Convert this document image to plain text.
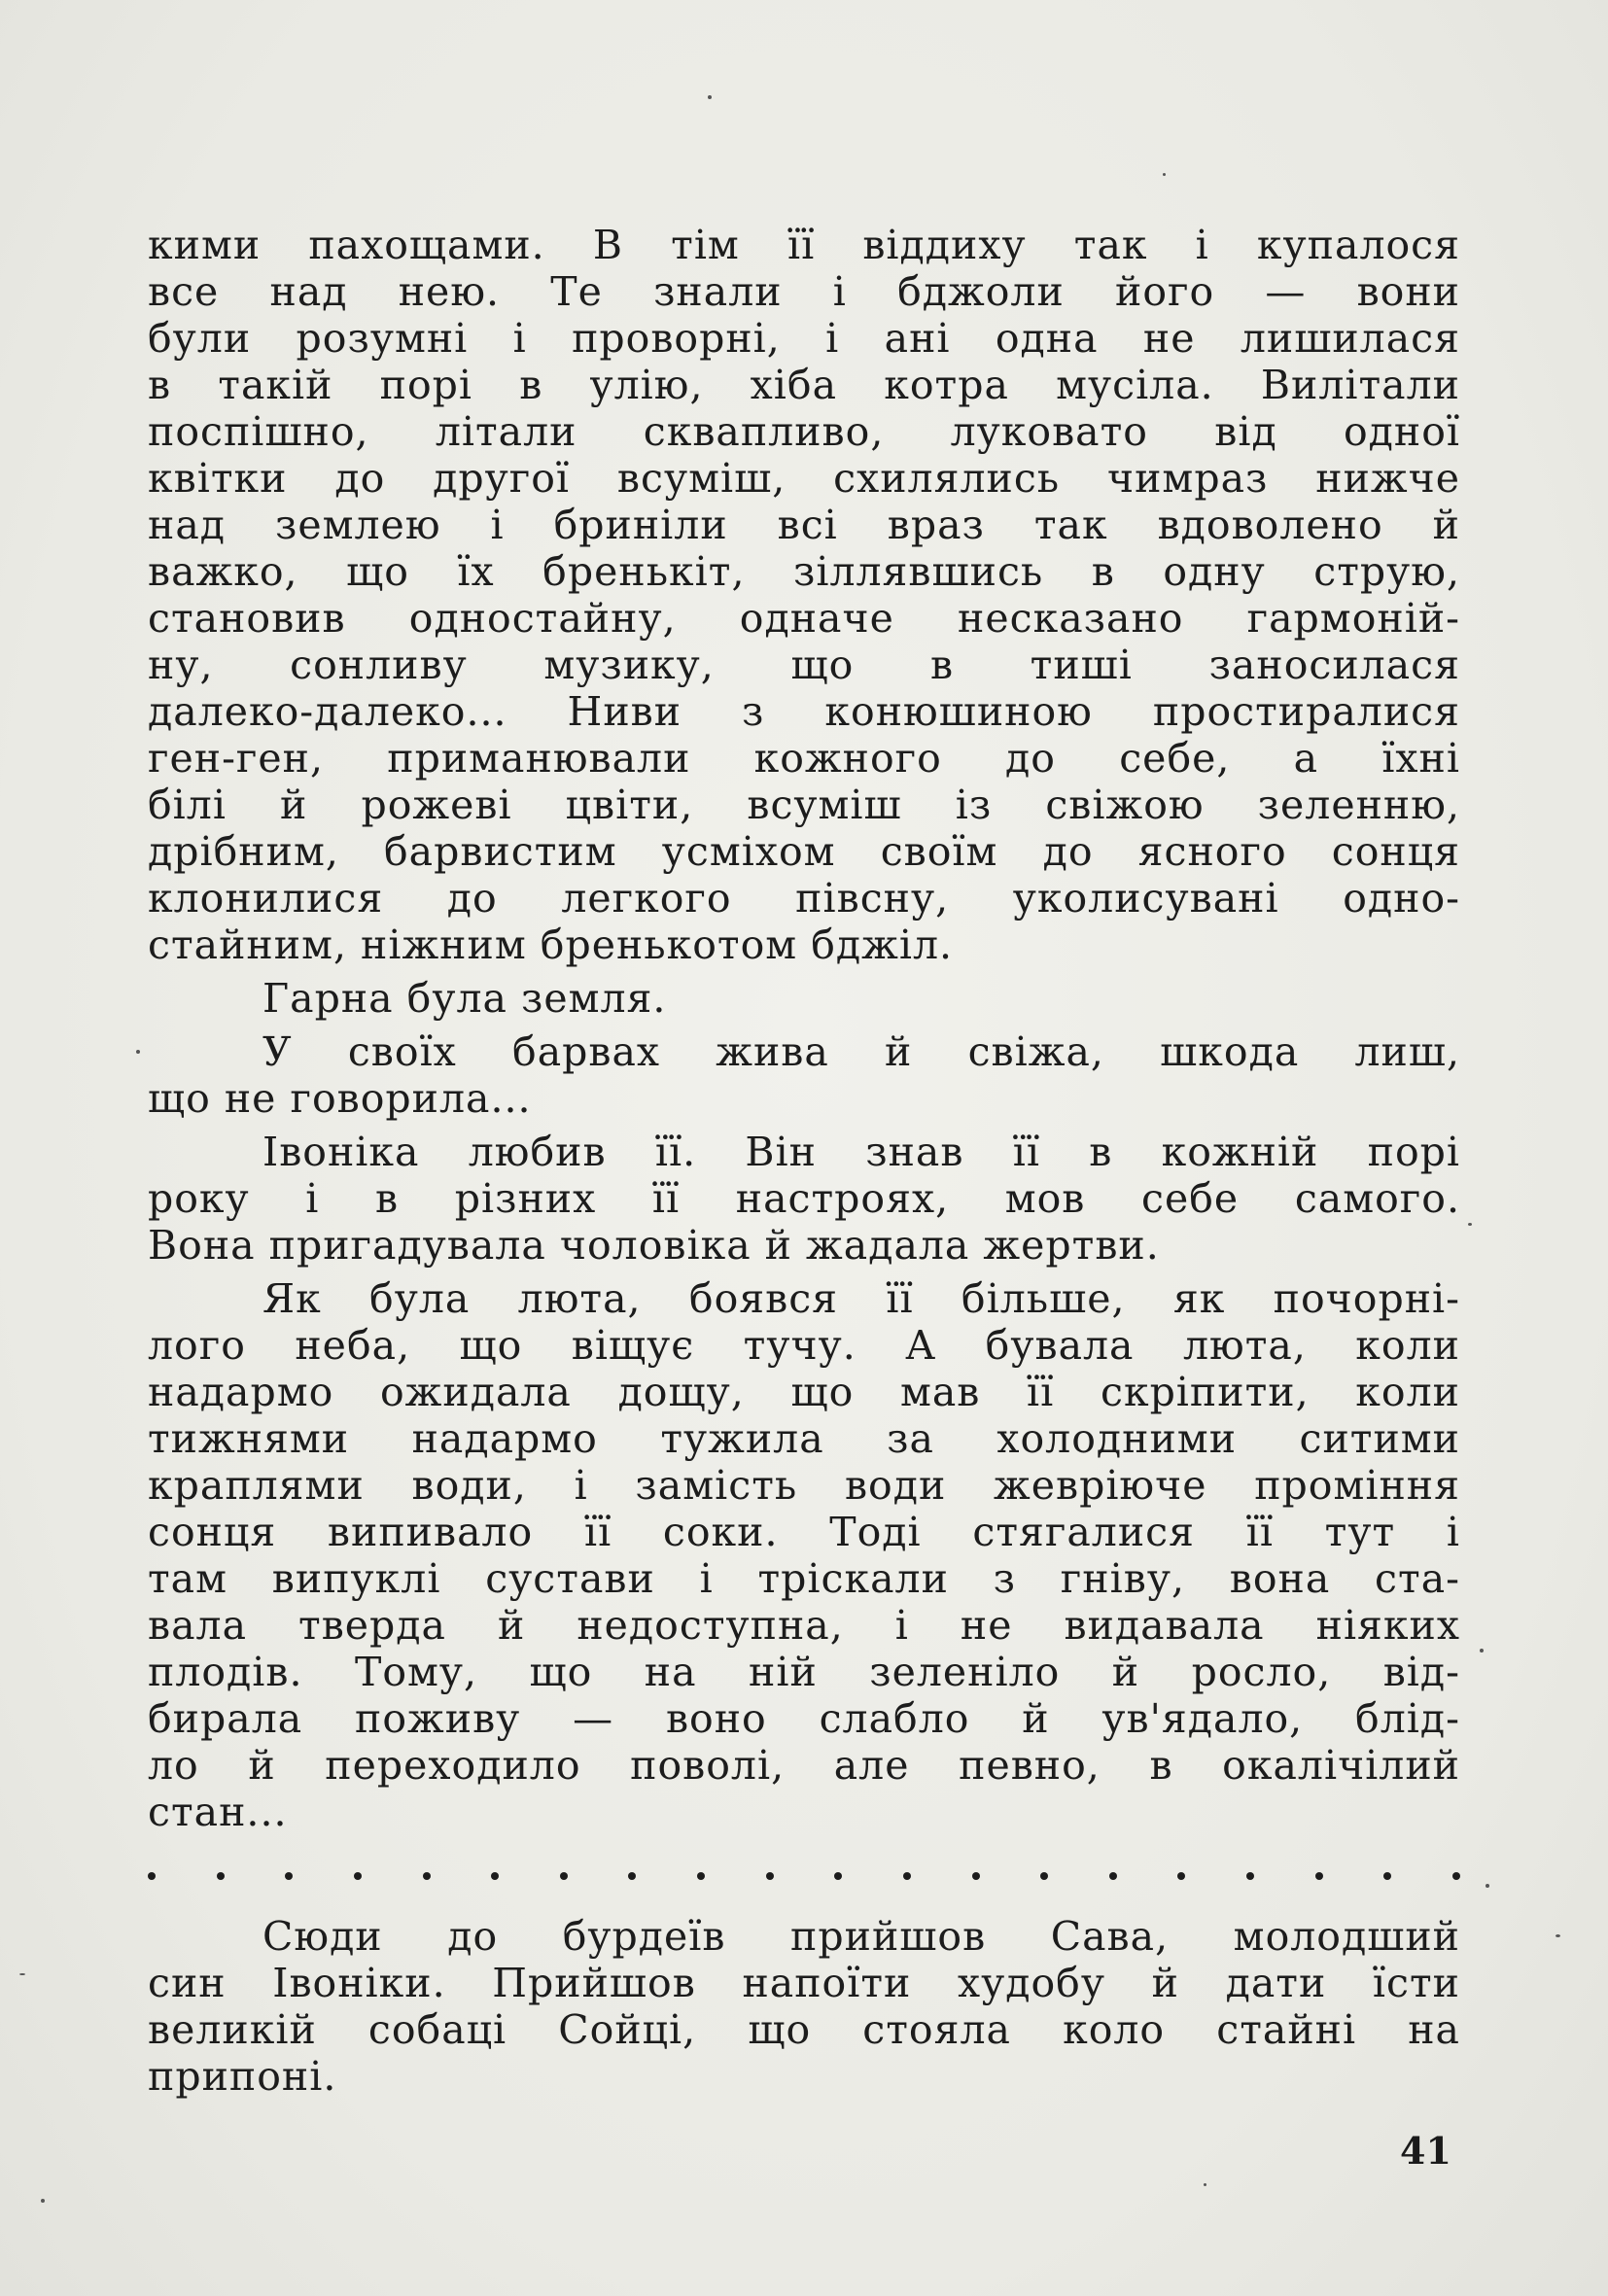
кими пахощами. В тім її віддиху так і купалося
все над нею. Те знали і бджоли його — вони
були розумні і проворні, і ані одна не лишилася
в такій порі в улію, хіба котра мусіла. Вилітали
поспішно, літали сквапливо, луковато від одної
квітки до другої всуміш, схилялись чимраз нижче
над землею і бриніли всі враз так вдоволено й
важко, що їх бренькіт, зіллявшись в одну струю,
становив одностайну, одначе несказано гармоній-
ну, сонливу музику, що в тиші заносилася
далеко-далеко... Ниви з конюшиною простиралися
ген-ген, приманювали кожного до себе, а їхні
білі й рожеві цвіти, всуміш із свіжою зеленню,
дрібним, барвистим усміхом своїм до ясного сонця
клонилися до легкого півсну, уколисувані одно-
стайним, ніжним бренькотом бджіл.
Гарна була земля.
У своїх барвах жива й свіжа, шкода лиш,
що не говорила...
Івоніка любив її. Він знав її в кожній порі
року і в різних її настроях, мов себе самого.
Вона пригадувала чоловіка й жадала жертви.
Як була люта, боявся її більше, як почорні-
лого неба, що віщує тучу. А бувала люта, коли
надармо ожидала дощу, що мав її скріпити, коли
тижнями надармо тужила за холодними ситими
краплями води, і замість води жевріюче проміння
сонця випивало її соки. Тоді стягалися її тут і
там випуклі сустави і тріскали з гніву, вона ста-
вала тверда й недоступна, і не видавала ніяких
плодів. Тому, що на ній зеленіло й росло, від-
бирала поживу — воно слабло й ув'ядало, блід-
ло й переходило поволі, але певно, в окалічілий
стан...
Сюди до бурдеїв прийшов Сава, молодший
син Івоніки. Прийшов напоїти худобу й дати їсти
великій собаці Сойці, що стояла коло стайні на
припоні.
41
